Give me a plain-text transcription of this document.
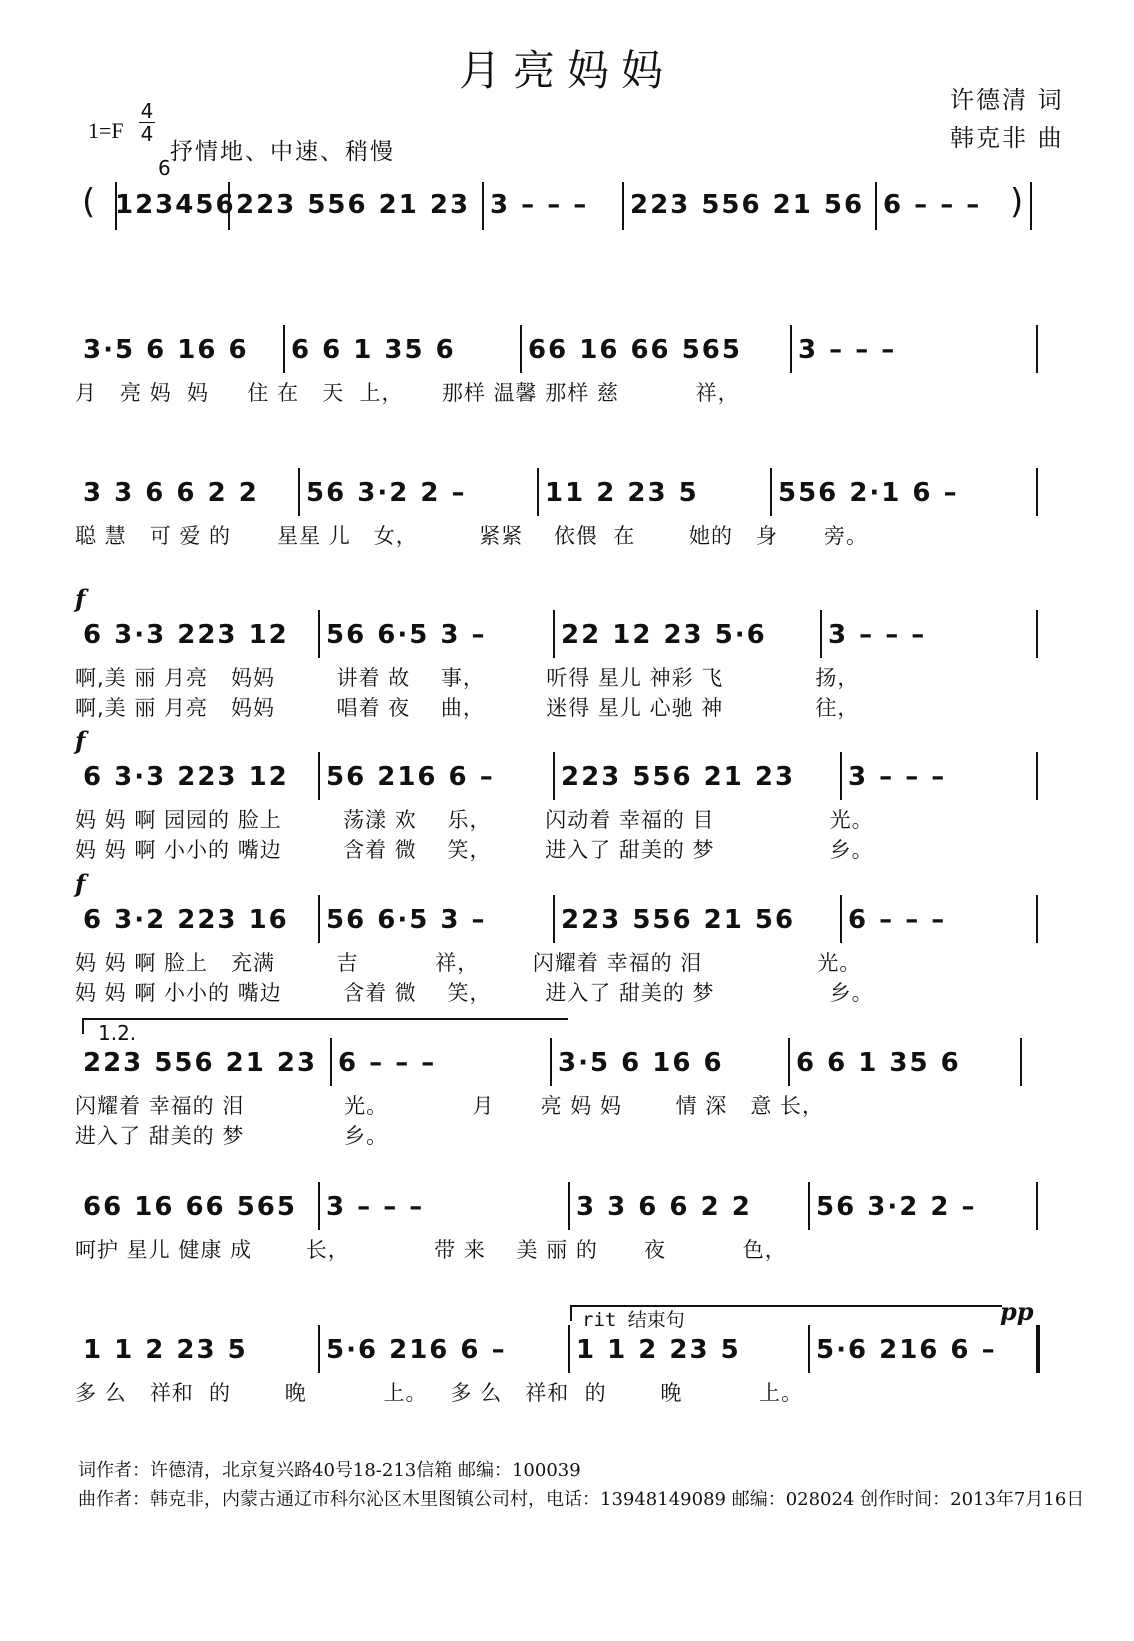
月亮妈妈
许德清 词
韩克非 曲
$1=F \frac{4}{4}$
抒情地、中速、稍慢
6
123456 223 556 21 23 3 – – – 223 556 21 56 6 – – –
(	)
3·5 6 16 6 6 6 1 35 6	66 16 66 565 3 – – –
月   亮 妈  妈     住 在   天  上，     那样 温馨 那样 慈          祥，
3 3 6 6 2 2 56 3·2 2 –	11 2 23 5	556 2·1 6 –
聪 慧   可 爱 的      星星 儿   女，        紧紧    依偎  在       她的   身      旁。
6 3·3 223 12 56 6·5 3 –	22 12 23 5·6 3 – – –
啊,美 丽 月亮   妈妈        讲着 故    事，        听得 星儿 神彩 飞            扬，
啊,美 丽 月亮   妈妈        唱着 夜    曲，        迷得 星儿 心驰 神            往，
f
6 3·3 223 12 56 216 6 –	223 556 21 23 3 – – –
妈 妈 啊 园园的 脸上        荡漾 欢    乐，       闪动着 幸福的 目               光。
妈 妈 啊 小小的 嘴边        含着 微    笑，       进入了 甜美的 梦               乡。
f
6 3·2 223 16 56 6·5 3 –	223 556 21 56 6 – – –
妈 妈 啊 脸上   充满        吉          祥，       闪耀着 幸福的 泪               光。
妈 妈 啊 小小的 嘴边        含着 微    笑，       进入了 甜美的 梦               乡。
f
223 556 21 23 6 – – –	3·5 6 16 6	6 6 1 35 6
闪耀着 幸福的 泪             光。           月      亮 妈 妈       情 深   意 长，
进入了 甜美的 梦             乡。
1.2.
66 16 66 565 3 – – –	3 3 6 6 2 2 56 3·2 2 –
呵护 星儿 健康 成       长，           带 来    美 丽 的      夜          色，
1 1 2 23 5	5·6 216 6 –	1 1 2 23 5	5·6 216 6 –
多 么   祥和  的       晚          上。   多 么   祥和  的       晚          上。
pp
rit 结束句
词作者：许德清，北京复兴路40号18-213信箱 邮编：100039
曲作者：韩克非，内蒙古通辽市科尔沁区木里图镇公司村，电话：13948149089 邮编：028024 创作时间：2013年7月16日
